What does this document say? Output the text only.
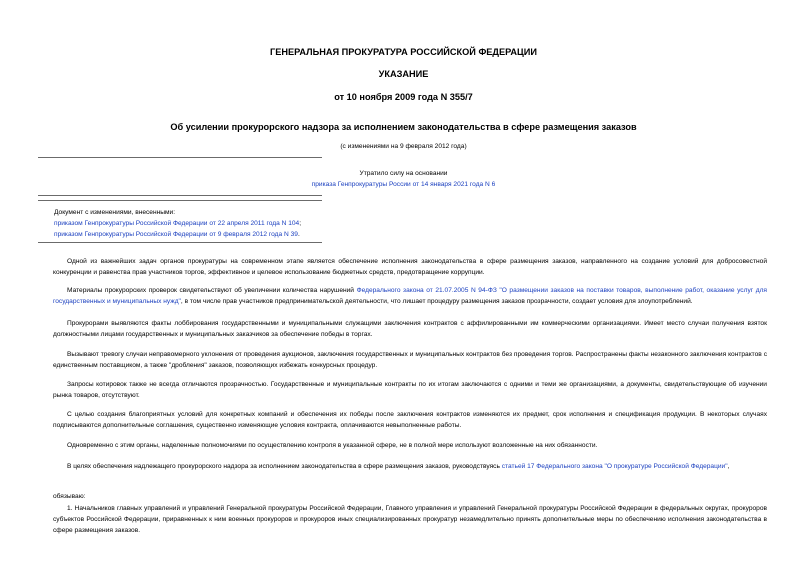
ГЕНЕРАЛЬНАЯ ПРОКУРАТУРА РОССИЙСКОЙ ФЕДЕРАЦИИ
УКАЗАНИЕ
от 10 ноября 2009 года N 355/7
Об усилении прокурорского надзора за исполнением законодательства в сфере размещения заказов
(с изменениями на 9 февраля 2012 года)
Утратило силу на основании
приказа Генпрокуратуры России от 14 января 2021 года N 6
Документ с изменениями, внесенными:
приказом Генпрокуратуры Российской Федерации от 22 апреля 2011 года N 104;
приказом Генпрокуратуры Российской Федерации от 9 февраля 2012 года N 39.
Одной из важнейших задач органов прокуратуры на современном этапе является обеспечение исполнения законодательства в сфере размещения заказов, направленного на создание условий для добросовестной конкуренции и равенства прав участников торгов, эффективное и целевое использование бюджетных средств, предотвращение коррупции.
Материалы прокурорских проверок свидетельствуют об увеличении количества нарушений Федерального закона от 21.07.2005 N 94-ФЗ "О размещении заказов на поставки товаров, выполнение работ, оказание услуг для государственных и муниципальных нужд", в том числе прав участников предпринимательской деятельности, что лишает процедуру размещения заказов прозрачности, создает условия для злоупотреблений.
Прокурорами выявляются факты лоббирования государственными и муниципальными служащими заключения контрактов с аффилированными им коммерческими организациями. Имеет место случаи получения взяток должностными лицами государственных и муниципальных заказчиков за обеспечение победы в торгах.
Вызывают тревогу случаи неправомерного уклонения от проведения аукционов, заключения государственных и муниципальных контрактов без проведения торгов. Распространены факты незаконного заключения контрактов с единственным поставщиком, а также "дробления" заказов, позволяющих избежать конкурсных процедур.
Запросы котировок также не всегда отличаются прозрачностью. Государственные и муниципальные контракты по их итогам заключаются с одними и теми же организациями, а документы, свидетельствующие об изучении рынка товаров, отсутствуют.
С целью создания благоприятных условий для конкретных компаний и обеспечения их победы после заключения контрактов изменяются их предмет, срок исполнения и спецификация продукции. В некоторых случаях подписываются дополнительные соглашения, существенно изменяющие условия контракта, оплачиваются невыполненные работы.
Одновременно с этим органы, наделенные полномочиями по осуществлению контроля в указанной сфере, не в полной мере используют возложенные на них обязанности.
В целях обеспечения надлежащего прокурорского надзора за исполнением законодательства в сфере размещения заказов, руководствуясь статьей 17 Федерального закона "О прокуратуре Российской Федерации",
обязываю:
1. Начальников главных управлений и управлений Генеральной прокуратуры Российской Федерации, Главного управления и управлений Генеральной прокуратуры Российской Федерации в федеральных округах, прокуроров субъектов Российской Федерации, приравненных к ним военных прокуроров и прокуроров иных специализированных прокуратур незамедлительно принять дополнительные меры по обеспечению исполнения законодательства в сфере размещения заказов.
